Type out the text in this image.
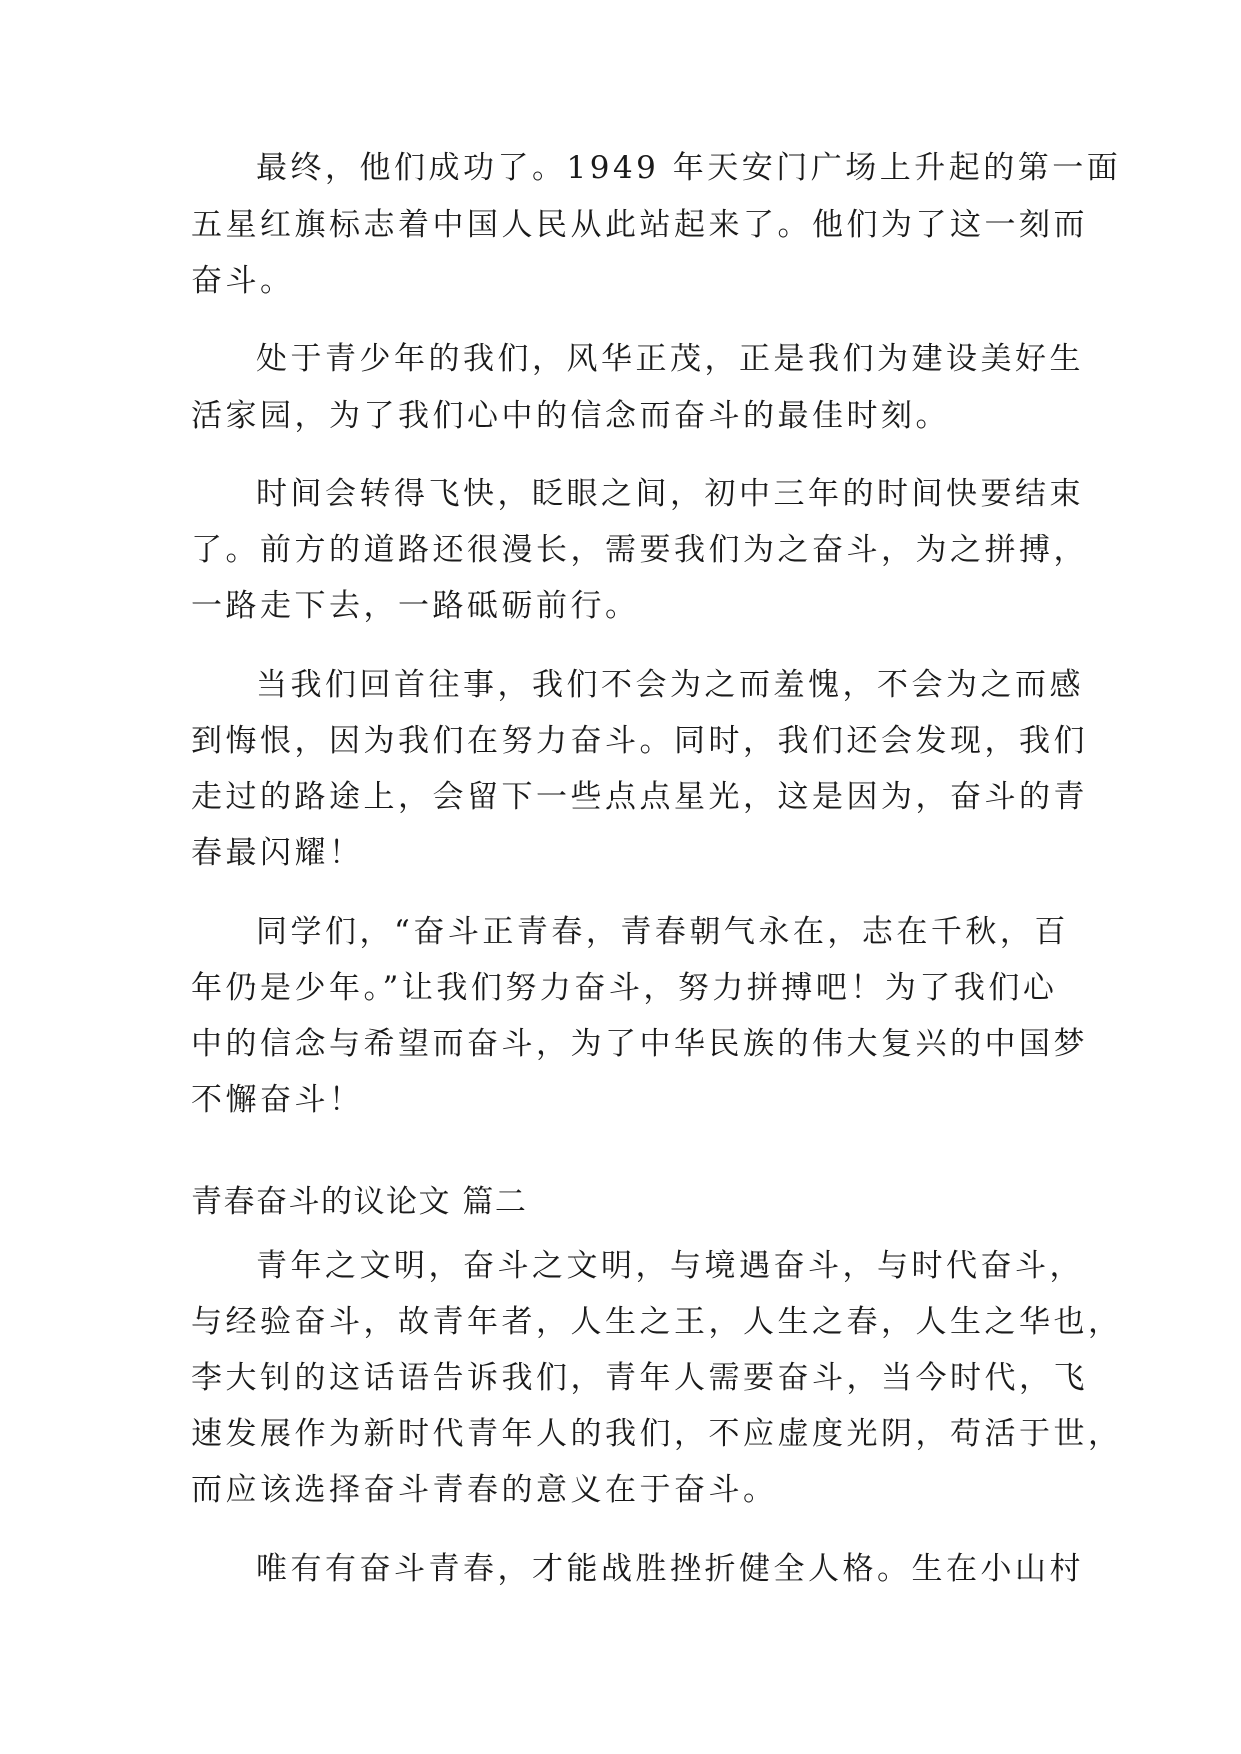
最终，他们成功了。1949 年天安门广场上升起的第一面
五星红旗标志着中国人民从此站起来了。他们为了这一刻而
奋斗。
处于青少年的我们，风华正茂，正是我们为建设美好生
活家园，为了我们心中的信念而奋斗的最佳时刻。
时间会转得飞快，眨眼之间，初中三年的时间快要结束
了。前方的道路还很漫长，需要我们为之奋斗，为之拼搏，
一路走下去，一路砥砺前行。
当我们回首往事，我们不会为之而羞愧，不会为之而感
到悔恨，因为我们在努力奋斗。同时，我们还会发现，我们
走过的路途上，会留下一些点点星光，这是因为，奋斗的青
春最闪耀！
同学们，“奋斗正青春，青春朝气永在，志在千秋，百
年仍是少年。”让我们努力奋斗，努力拼搏吧！为了我们心
中的信念与希望而奋斗，为了中华民族的伟大复兴的中国梦
不懈奋斗！
青春奋斗的议论文 篇二
青年之文明，奋斗之文明，与境遇奋斗，与时代奋斗，
与经验奋斗，故青年者，人生之王，人生之春，人生之华也，
李大钊的这话语告诉我们，青年人需要奋斗，当今时代，飞
速发展作为新时代青年人的我们，不应虚度光阴，苟活于世，
而应该选择奋斗青春的意义在于奋斗。
唯有有奋斗青春，才能战胜挫折健全人格。生在小山村
